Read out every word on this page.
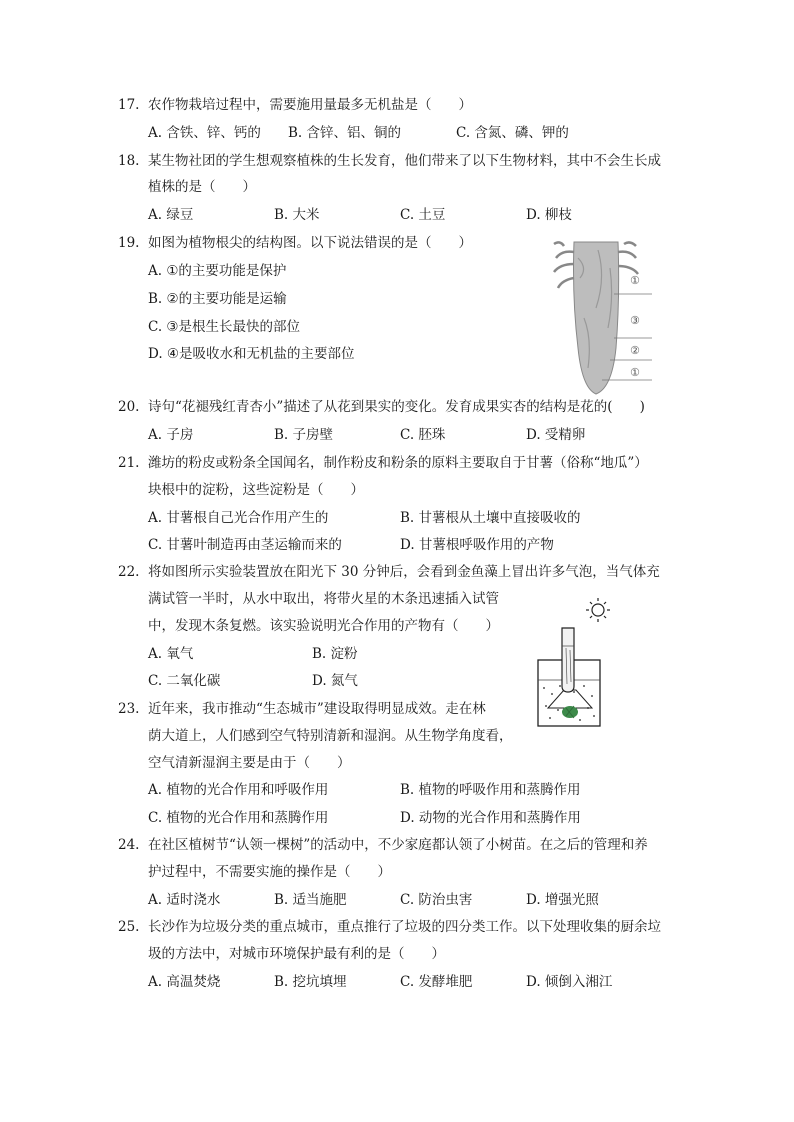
17. 农作物栽培过程中，需要施用量最多无机盐是（　　）
A. 含铁、锌、钙的 B. 含锌、铝、铜的	C. 含氮、磷、钾的
18. 某生物社团的学生想观察植株的生长发育，他们带来了以下生物材料，其中不会生长成
植株的是（　　）
A. 绿豆	B. 大米	C. 土豆	D. 柳枝
19. 如图为植物根尖的结构图。以下说法错误的是（　　）
A. ①的主要功能是保护
B. ②的主要功能是运输
C. ③是根生长最快的部位
D. ④是吸收水和无机盐的主要部位
①
③
②
①
20. 诗句“花褪残红青杏小”描述了从花到果实的变化。发育成果实杏的结构是花的(　　)
A. 子房	B. 子房壁	C. 胚珠	D. 受精卵
21. 潍坊的粉皮或粉条全国闻名，制作粉皮和粉条的原料主要取自于甘薯（俗称“地瓜”）
块根中的淀粉，这些淀粉是（　　）
A. 甘薯根自己光合作用产生的	B. 甘薯根从土壤中直接吸收的
C. 甘薯叶制造再由茎运输而来的	D. 甘薯根呼吸作用的产物
22. 将如图所示实验装置放在阳光下 30 分钟后，会看到金鱼藻上冒出许多气泡，当气体充
满试管一半时，从水中取出，将带火星的木条迅速插入试管
中，发现木条复燃。该实验说明光合作用的产物有（　　）
A. 氧气	B. 淀粉
C. 二氧化碳	D. 氮气
23. 近年来，我市推动“生态城市”建设取得明显成效。走在林
荫大道上，人们感到空气特别清新和湿润。从生物学角度看，
空气清新湿润主要是由于（　　）
A. 植物的光合作用和呼吸作用	B. 植物的呼吸作用和蒸腾作用
C. 植物的光合作用和蒸腾作用	D. 动物的光合作用和蒸腾作用
24. 在社区植树节“认领一棵树”的活动中，不少家庭都认领了小树苗。在之后的管理和养
护过程中，不需要实施的操作是（　　）
A. 适时浇水	B. 适当施肥	C. 防治虫害	D. 增强光照
25. 长沙作为垃圾分类的重点城市，重点推行了垃圾的四分类工作。以下处理收集的厨余垃
圾的方法中，对城市环境保护最有利的是（　　）
A. 高温焚烧	B. 挖坑填埋	C. 发酵堆肥	D. 倾倒入湘江
